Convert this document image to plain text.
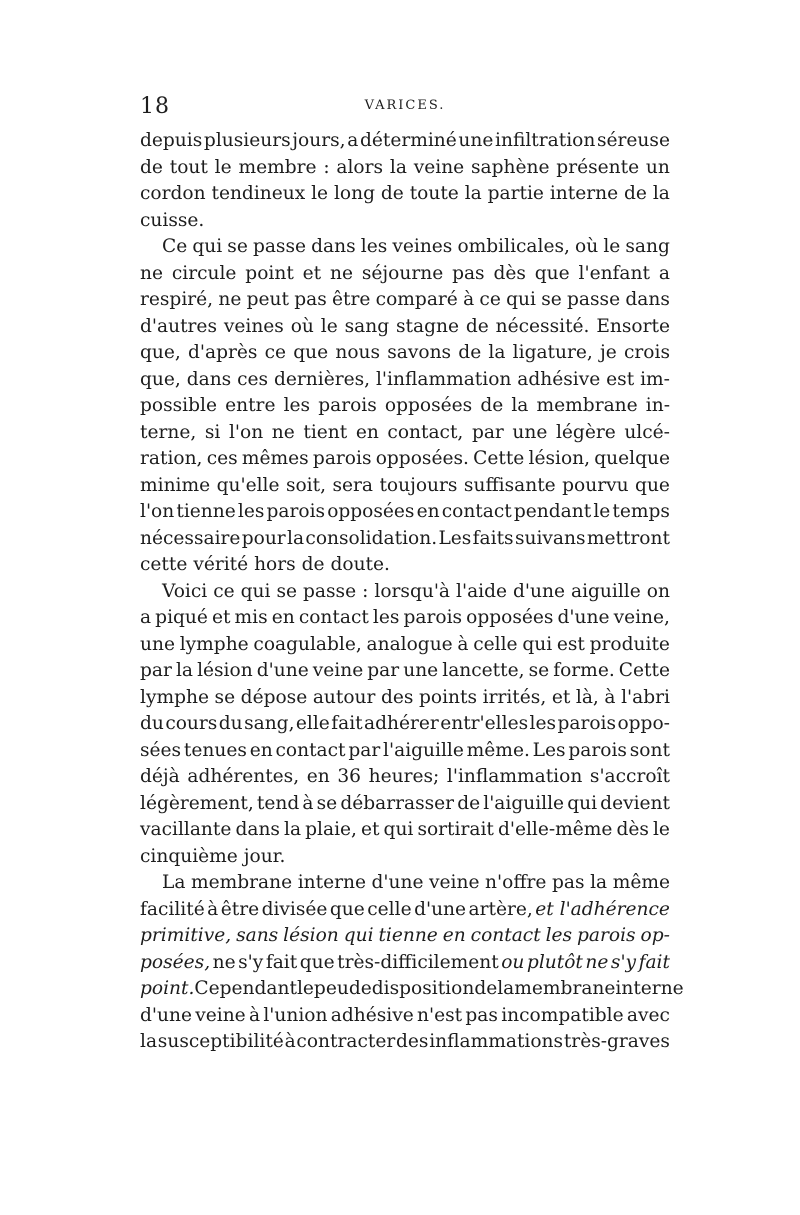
18	VARICES.
depuis plusieurs jours, a déterminé une infiltration séreuse
de tout le membre : alors la veine saphène présente un
cordon tendineux le long de toute la partie interne de la
cuisse.
Ce qui se passe dans les veines ombilicales, où le sang
ne circule point et ne séjourne pas dès que l'enfant a
respiré, ne peut pas être comparé à ce qui se passe dans
d'autres veines où le sang stagne de nécessité. Ensorte
que, d'après ce que nous savons de la ligature, je crois
que, dans ces dernières, l'inflammation adhésive est im-
possible entre les parois opposées de la membrane in-
terne, si l'on ne tient en contact, par une légère ulcé-
ration, ces mêmes parois opposées. Cette lésion, quelque
minime qu'elle soit, sera toujours suffisante pourvu que
l'on tienne les parois opposées en contact pendant le temps
nécessaire pour la consolidation. Les faits suivans mettront
cette vérité hors de doute.
Voici ce qui se passe : lorsqu'à l'aide d'une aiguille on
a piqué et mis en contact les parois opposées d'une veine,
une lymphe coagulable, analogue à celle qui est produite
par la lésion d'une veine par une lancette, se forme. Cette
lymphe se dépose autour des points irrités, et là, à l'abri
du cours du sang, elle fait adhérer entr'elles les parois oppo-
sées tenues en contact par l'aiguille même. Les parois sont
déjà adhérentes, en 36 heures; l'inflammation s'accroît
légèrement, tend à se débarrasser de l'aiguille qui devient
vacillante dans la plaie, et qui sortirait d'elle-même dès le
cinquième jour.
La membrane interne d'une veine n'offre pas la même
facilité à être divisée que celle d'une artère, et l'adhérence
primitive, sans lésion qui tienne en contact les parois op-
posées, ne s'y fait que très-difficilement ou plutôt ne s'y fait
point. Cependant le peu de disposition de la membrane interne
d'une veine à l'union adhésive n'est pas incompatible avec
la susceptibilité à contracter des inflammations très-graves
